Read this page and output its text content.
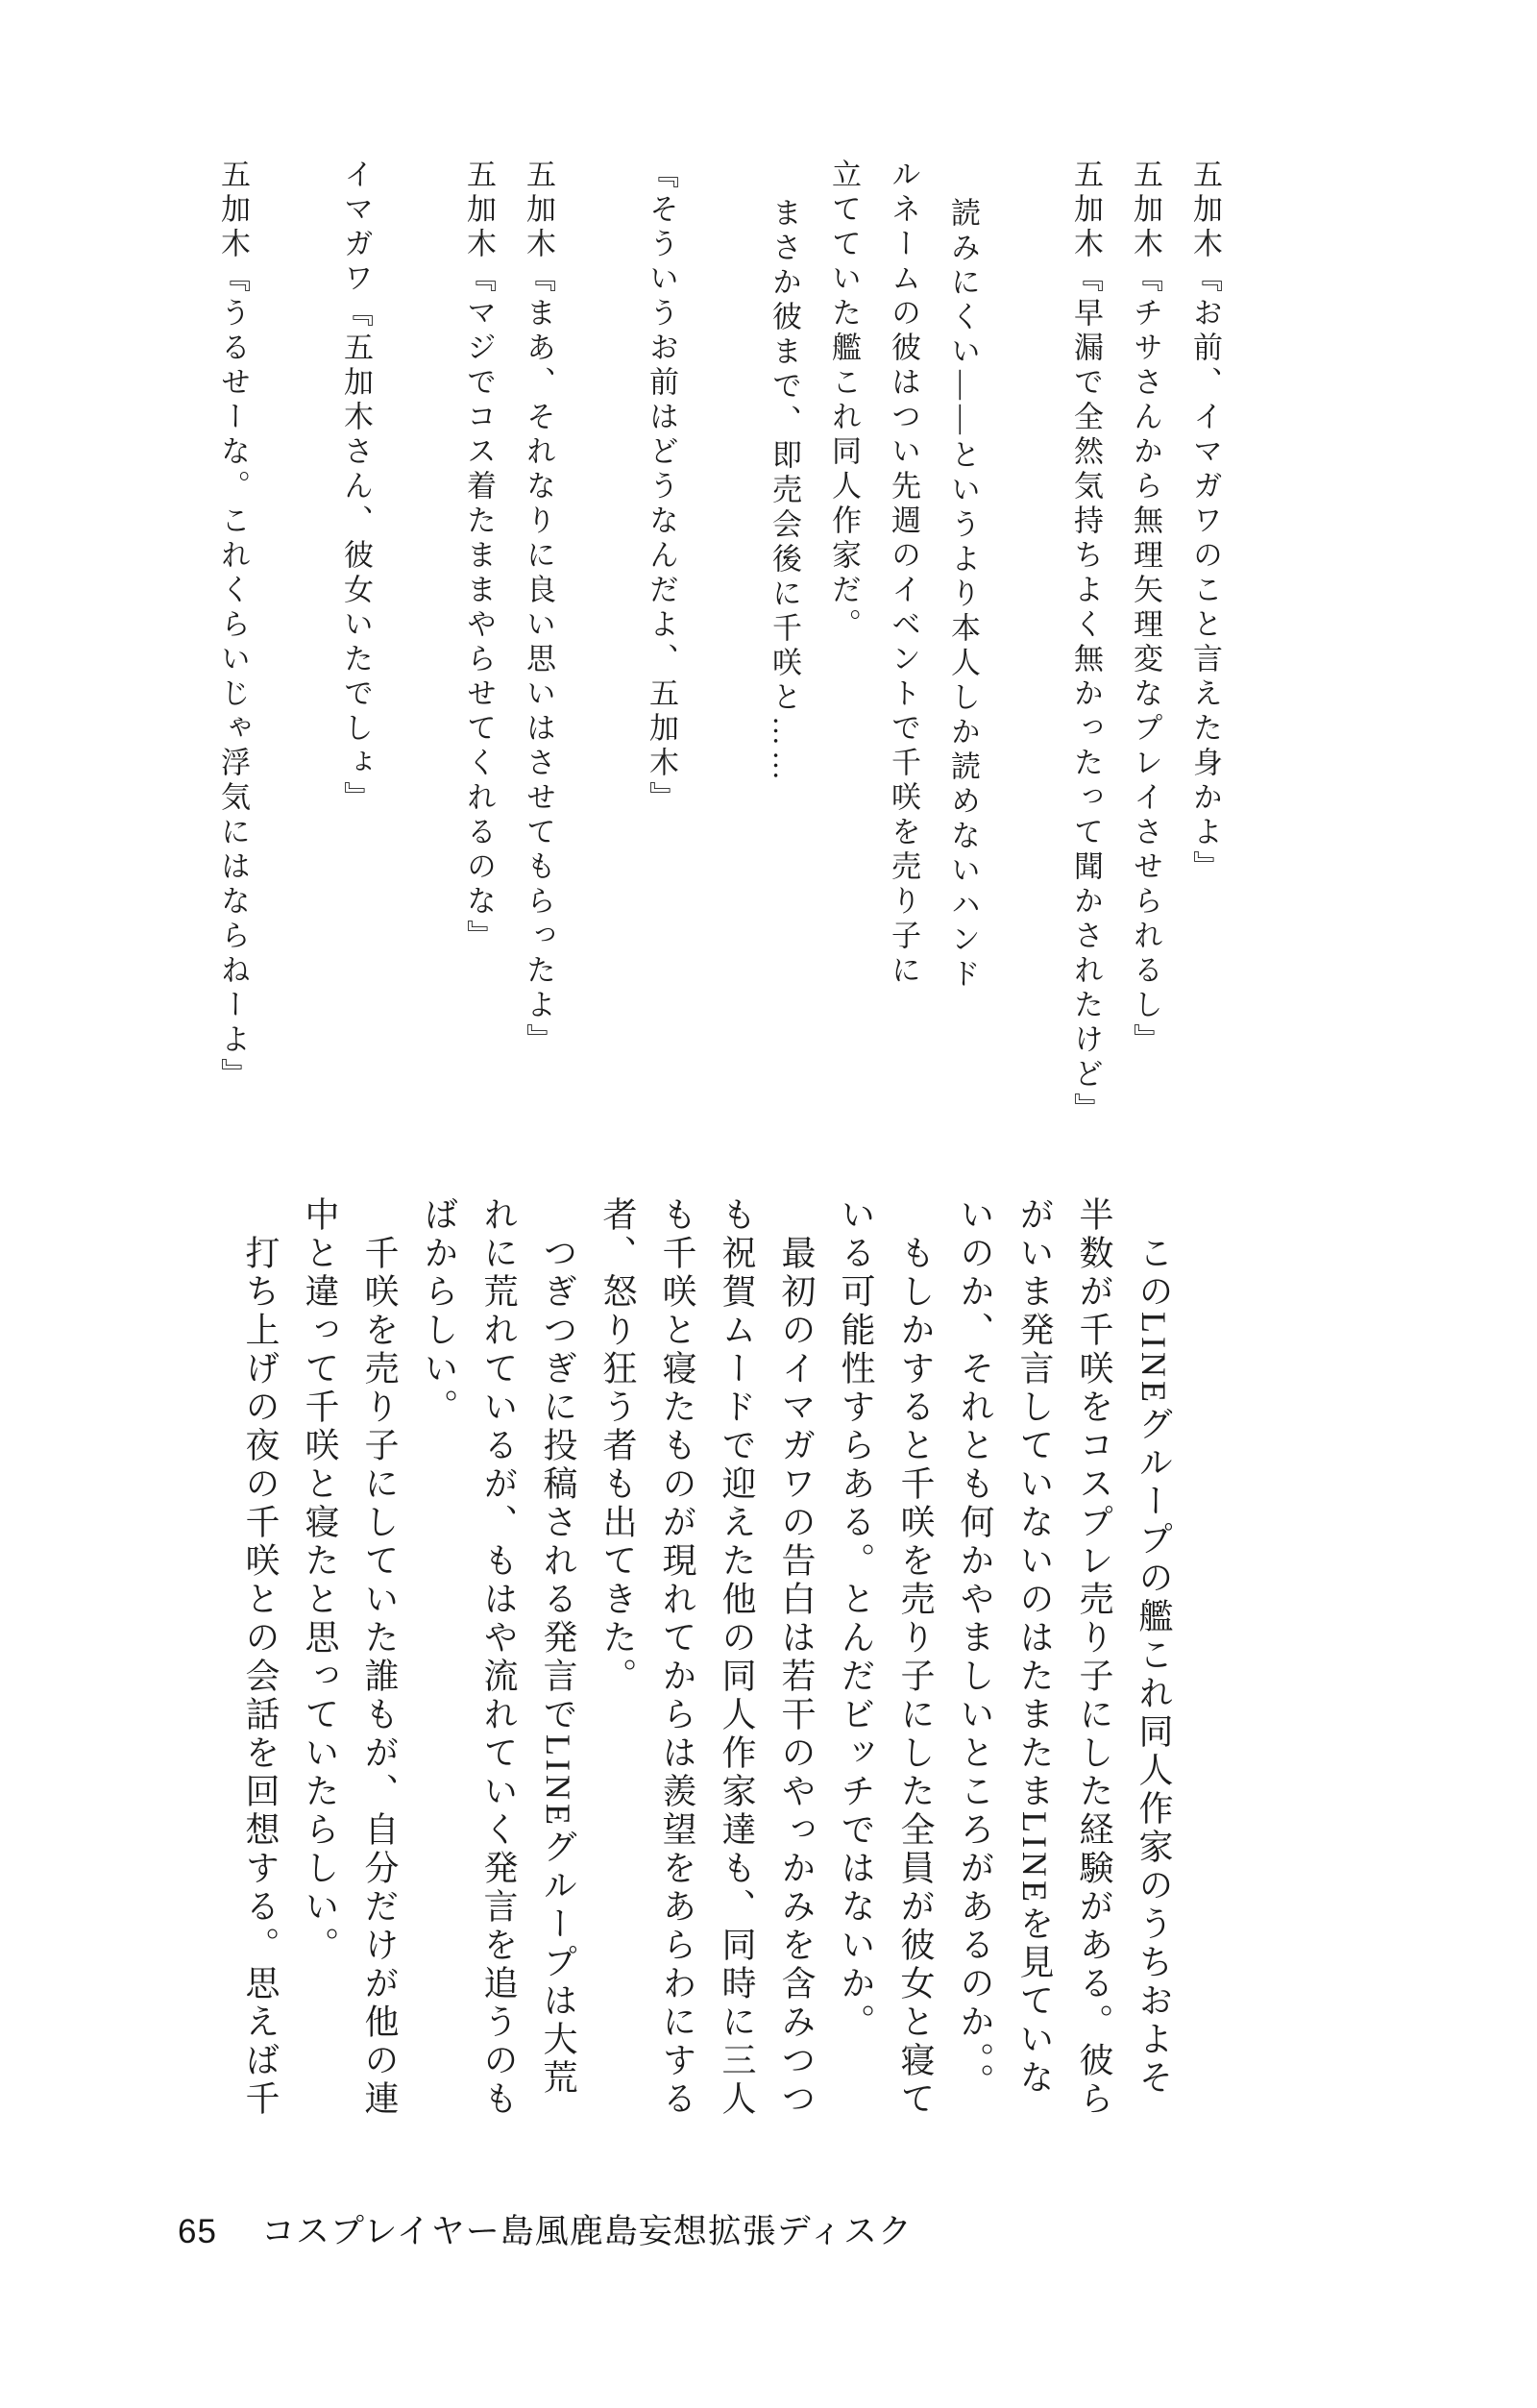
五加木『お前、イマガワのこと言えた身かよ』

五加木『チサさんから無理矢理変なプレイさせられるし』

五加木『早漏で全然気持ちよく無かったって聞かされたけど』

読みにくい――というより本人しか読めないハンド

ルネームの彼はつい先週のイベントで千咲を売り子に

立てていた艦これ同人作家だ。

まさか彼まで、即売会後に千咲と……

『そういうお前はどうなんだよ、五加木』

五加木『まあ、それなりに良い思いはさせてもらったよ』

五加木『マジでコス着たままやらせてくれるのな』

イマガワ『五加木さん、彼女いたでしょ』

五加木『うるせーな。これくらいじゃ浮気にはならねーよ』

このLINEグループの艦これ同人作家のうちおよそ

半数が千咲をコスプレ売り子にした経験がある。彼ら

がいま発言していないのはたまたまLINEを見ていな

いのか、それとも何かやましいところがあるのか。。

もしかすると千咲を売り子にした全員が彼女と寝て

いる可能性すらある。とんだビッチではないか。

最初のイマガワの告白は若干のやっかみを含みつつ

も祝賀ムードで迎えた他の同人作家達も、同時に三人

も千咲と寝たものが現れてからは羨望をあらわにする

者、怒り狂う者も出てきた。

つぎつぎに投稿される発言でLINEグループは大荒

れに荒れているが、もはや流れていく発言を追うのも

ばからしい。

千咲を売り子にしていた誰もが、自分だけが他の連

中と違って千咲と寝たと思っていたらしい。

打ち上げの夜の千咲との会話を回想する。思えば千

65 コスプレイヤー島風鹿島妄想拡張ディスク
